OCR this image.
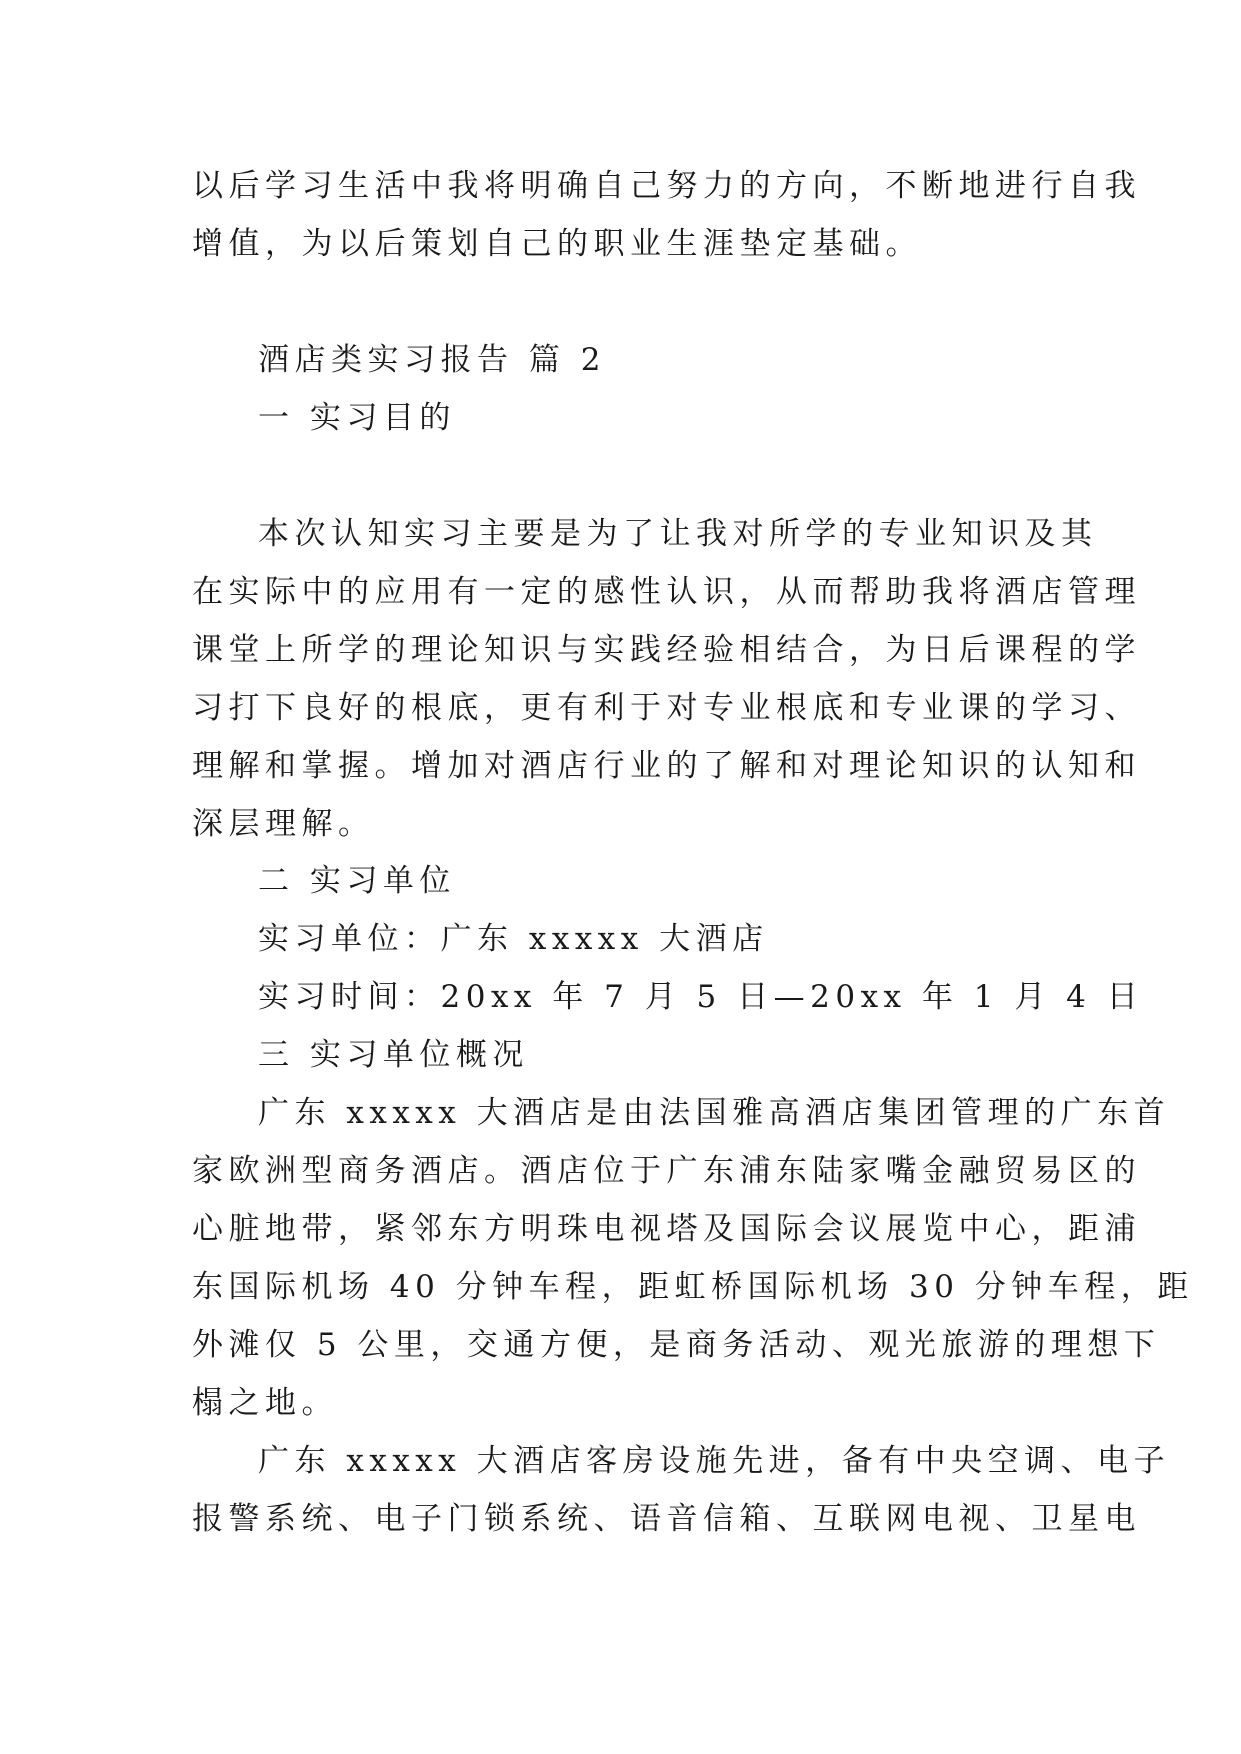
以后学习生活中我将明确自己努力的方向，不断地进行自我

增值，为以后策划自己的职业生涯垫定基础。

酒店类实习报告 篇 2

一 实习目的

本次认知实习主要是为了让我对所学的专业知识及其

在实际中的应用有一定的感性认识，从而帮助我将酒店管理

课堂上所学的理论知识与实践经验相结合，为日后课程的学

习打下良好的根底，更有利于对专业根底和专业课的学习、

理解和掌握。增加对酒店行业的了解和对理论知识的认知和

深层理解。

二 实习单位

实习单位：广东 xxxxx 大酒店

实习时间：20xx 年 7 月 5 日—20xx 年 1 月 4 日

三 实习单位概况

广东 xxxxx 大酒店是由法国雅高酒店集团管理的广东首

家欧洲型商务酒店。酒店位于广东浦东陆家嘴金融贸易区的

心脏地带，紧邻东方明珠电视塔及国际会议展览中心，距浦

东国际机场 40 分钟车程，距虹桥国际机场 30 分钟车程，距

外滩仅 5 公里，交通方便，是商务活动、观光旅游的理想下

榻之地。

广东 xxxxx 大酒店客房设施先进，备有中央空调、电子

报警系统、电子门锁系统、语音信箱、互联网电视、卫星电
